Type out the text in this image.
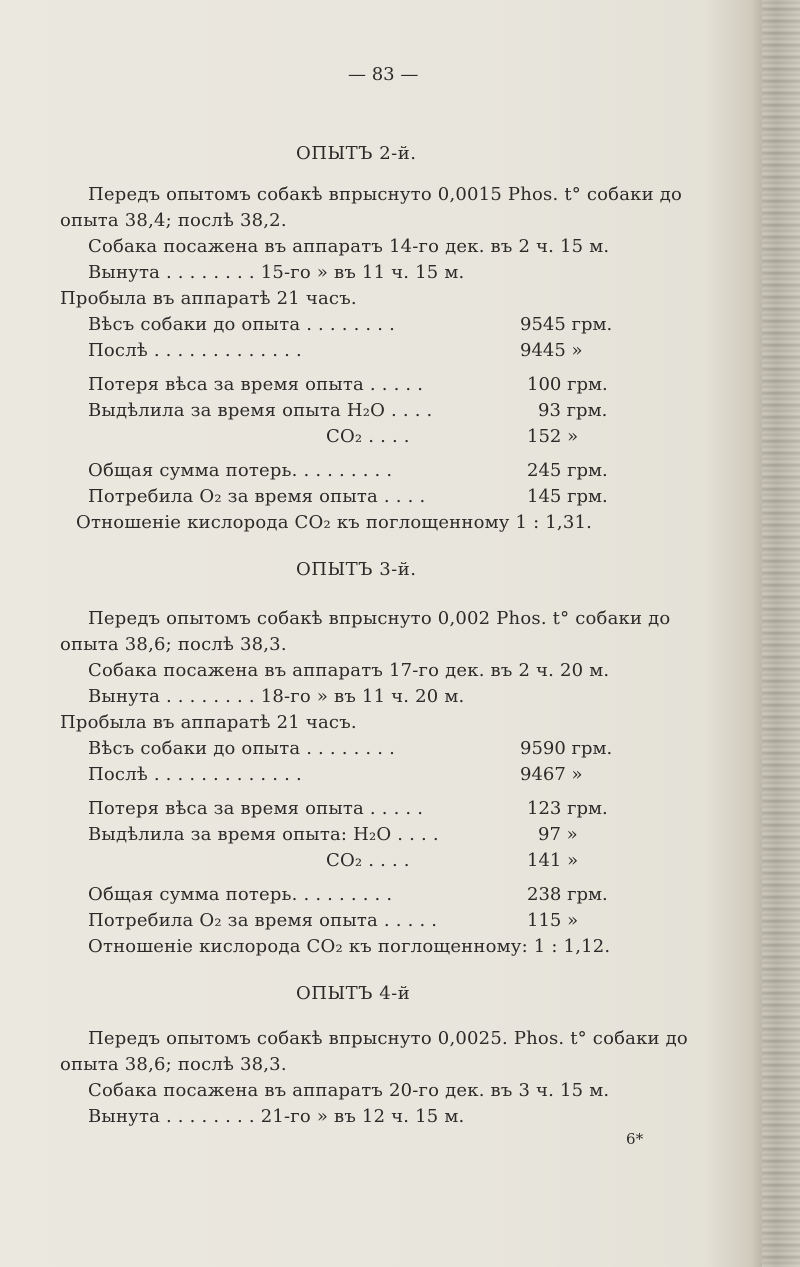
— 83 —
ОПЫТЪ 2-й.
Передъ опытомъ собакѣ впрыснуто 0,0015 Phos. t° собаки до
опыта 38,4; послѣ 38,2.
Собака посажена въ аппаратъ 14-го дек. въ 2 ч. 15 м.
Вынута . . . . . . . . 15-го » въ 11 ч. 15 м.
Пробыла въ аппаратѣ 21 часъ.
Вѣсъ собаки до опыта . . . . . . . .	9545 грм.
Послѣ . . . . . . . . . . . . .	9445 »
Потеря вѣса за время опыта . . . . .	100 грм.
Выдѣлила за время опыта H₂O . . . .	93 грм.
CO₂ . . . .	152 »
Общая сумма потерь. . . . . . . . .	245 грм.
Потребила O₂ за время опыта . . . .	145 грм.
Отношеніе кислорода CO₂ къ поглощенному 1 : 1,31.
ОПЫТЪ 3-й.
Передъ опытомъ собакѣ впрыснуто 0,002 Phos. t° собаки до
опыта 38,6; послѣ 38,3.
Собака посажена въ аппаратъ 17-го дек. въ 2 ч. 20 м.
Вынута . . . . . . . . 18-го » въ 11 ч. 20 м.
Пробыла въ аппаратѣ 21 часъ.
Вѣсъ собаки до опыта . . . . . . . .	9590 грм.
Послѣ . . . . . . . . . . . . .	9467 »
Потеря вѣса за время опыта . . . . .	123 грм.
Выдѣлила за время опыта: H₂O . . . .	97 »
CO₂ . . . .	141 »
Общая сумма потерь. . . . . . . . .	238 грм.
Потребила O₂ за время опыта . . . . .	115 »
Отношеніе кислорода CO₂ къ поглощенному: 1 : 1,12.
ОПЫТЪ 4-й
Передъ опытомъ собакѣ впрыснуто 0,0025. Phos. t° собаки до
опыта 38,6; послѣ 38,3.
Собака посажена въ аппаратъ 20-го дек. въ 3 ч. 15 м.
Вынута . . . . . . . . 21-го » въ 12 ч. 15 м.
6*
